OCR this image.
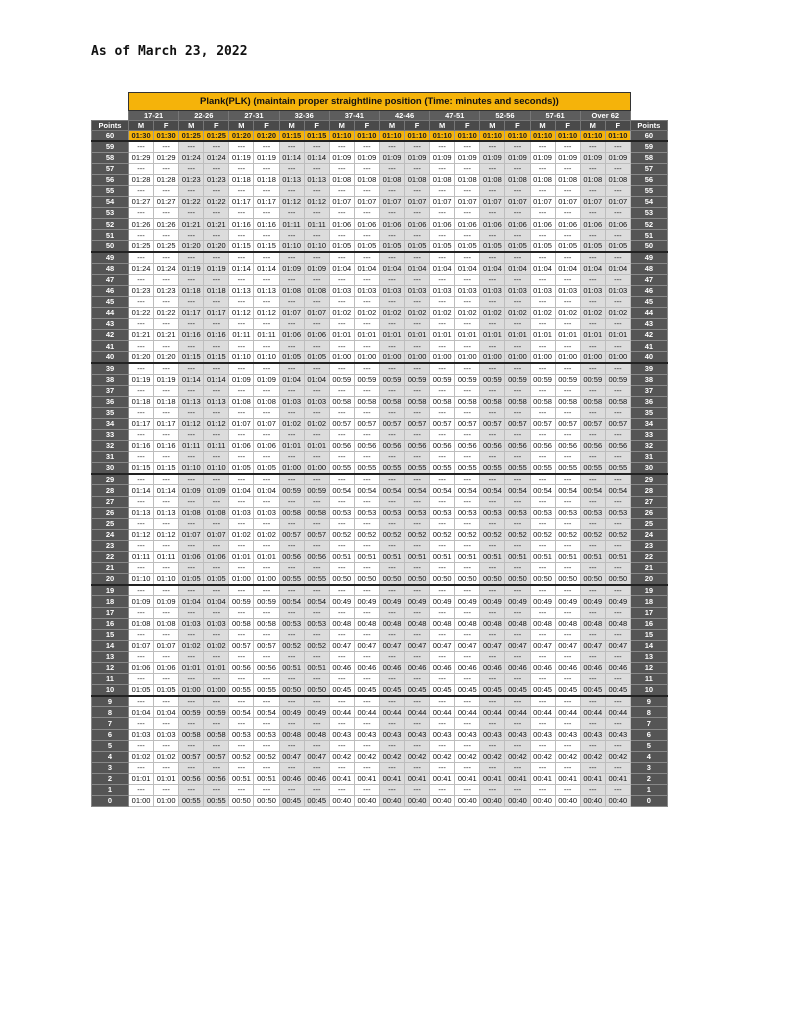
As of March 23, 2022
	Plank(PLK) (maintain proper straightline position (Time: minutes and seconds))																				
	17-21		22-26		27-31		32-36		37-41		42-46		47-51		52-56		57-61		Over 62		
Points	M	F	M	F	M	F	M	F	M	F	M	F	M	F	M	F	M	F	M	F	Points
60	01:30	01:30	01:25	01:25	01:20	01:20	01:15	01:15	01:10	01:10	01:10	01:10	01:10	01:10	01:10	01:10	01:10	01:10	01:10	01:10	60
59	---	---	---	---	---	---	---	---	---	---	---	---	---	---	---	---	---	---	---	---	59
58	01:29	01:29	01:24	01:24	01:19	01:19	01:14	01:14	01:09	01:09	01:09	01:09	01:09	01:09	01:09	01:09	01:09	01:09	01:09	01:09	58
57	---	---	---	---	---	---	---	---	---	---	---	---	---	---	---	---	---	---	---	---	57
56	01:28	01:28	01:23	01:23	01:18	01:18	01:13	01:13	01:08	01:08	01:08	01:08	01:08	01:08	01:08	01:08	01:08	01:08	01:08	01:08	56
55	---	---	---	---	---	---	---	---	---	---	---	---	---	---	---	---	---	---	---	---	55
54	01:27	01:27	01:22	01:22	01:17	01:17	01:12	01:12	01:07	01:07	01:07	01:07	01:07	01:07	01:07	01:07	01:07	01:07	01:07	01:07	54
53	---	---	---	---	---	---	---	---	---	---	---	---	---	---	---	---	---	---	---	---	53
52	01:26	01:26	01:21	01:21	01:16	01:16	01:11	01:11	01:06	01:06	01:06	01:06	01:06	01:06	01:06	01:06	01:06	01:06	01:06	01:06	52
51	---	---	---	---	---	---	---	---	---	---	---	---	---	---	---	---	---	---	---	---	51
50	01:25	01:25	01:20	01:20	01:15	01:15	01:10	01:10	01:05	01:05	01:05	01:05	01:05	01:05	01:05	01:05	01:05	01:05	01:05	01:05	50
49	---	---	---	---	---	---	---	---	---	---	---	---	---	---	---	---	---	---	---	---	49
48	01:24	01:24	01:19	01:19	01:14	01:14	01:09	01:09	01:04	01:04	01:04	01:04	01:04	01:04	01:04	01:04	01:04	01:04	01:04	01:04	48
47	---	---	---	---	---	---	---	---	---	---	---	---	---	---	---	---	---	---	---	---	47
46	01:23	01:23	01:18	01:18	01:13	01:13	01:08	01:08	01:03	01:03	01:03	01:03	01:03	01:03	01:03	01:03	01:03	01:03	01:03	01:03	46
45	---	---	---	---	---	---	---	---	---	---	---	---	---	---	---	---	---	---	---	---	45
44	01:22	01:22	01:17	01:17	01:12	01:12	01:07	01:07	01:02	01:02	01:02	01:02	01:02	01:02	01:02	01:02	01:02	01:02	01:02	01:02	44
43	---	---	---	---	---	---	---	---	---	---	---	---	---	---	---	---	---	---	---	---	43
42	01:21	01:21	01:16	01:16	01:11	01:11	01:06	01:06	01:01	01:01	01:01	01:01	01:01	01:01	01:01	01:01	01:01	01:01	01:01	01:01	42
41	---	---	---	---	---	---	---	---	---	---	---	---	---	---	---	---	---	---	---	---	41
40	01:20	01:20	01:15	01:15	01:10	01:10	01:05	01:05	01:00	01:00	01:00	01:00	01:00	01:00	01:00	01:00	01:00	01:00	01:00	01:00	40
39	---	---	---	---	---	---	---	---	---	---	---	---	---	---	---	---	---	---	---	---	39
38	01:19	01:19	01:14	01:14	01:09	01:09	01:04	01:04	00:59	00:59	00:59	00:59	00:59	00:59	00:59	00:59	00:59	00:59	00:59	00:59	38
37	---	---	---	---	---	---	---	---	---	---	---	---	---	---	---	---	---	---	---	---	37
36	01:18	01:18	01:13	01:13	01:08	01:08	01:03	01:03	00:58	00:58	00:58	00:58	00:58	00:58	00:58	00:58	00:58	00:58	00:58	00:58	36
35	---	---	---	---	---	---	---	---	---	---	---	---	---	---	---	---	---	---	---	---	35
34	01:17	01:17	01:12	01:12	01:07	01:07	01:02	01:02	00:57	00:57	00:57	00:57	00:57	00:57	00:57	00:57	00:57	00:57	00:57	00:57	34
33	---	---	---	---	---	---	---	---	---	---	---	---	---	---	---	---	---	---	---	---	33
32	01:16	01:16	01:11	01:11	01:06	01:06	01:01	01:01	00:56	00:56	00:56	00:56	00:56	00:56	00:56	00:56	00:56	00:56	00:56	00:56	32
31	---	---	---	---	---	---	---	---	---	---	---	---	---	---	---	---	---	---	---	---	31
30	01:15	01:15	01:10	01:10	01:05	01:05	01:00	01:00	00:55	00:55	00:55	00:55	00:55	00:55	00:55	00:55	00:55	00:55	00:55	00:55	30
29	---	---	---	---	---	---	---	---	---	---	---	---	---	---	---	---	---	---	---	---	29
28	01:14	01:14	01:09	01:09	01:04	01:04	00:59	00:59	00:54	00:54	00:54	00:54	00:54	00:54	00:54	00:54	00:54	00:54	00:54	00:54	28
27	---	---	---	---	---	---	---	---	---	---	---	---	---	---	---	---	---	---	---	---	27
26	01:13	01:13	01:08	01:08	01:03	01:03	00:58	00:58	00:53	00:53	00:53	00:53	00:53	00:53	00:53	00:53	00:53	00:53	00:53	00:53	26
25	---	---	---	---	---	---	---	---	---	---	---	---	---	---	---	---	---	---	---	---	25
24	01:12	01:12	01:07	01:07	01:02	01:02	00:57	00:57	00:52	00:52	00:52	00:52	00:52	00:52	00:52	00:52	00:52	00:52	00:52	00:52	24
23	---	---	---	---	---	---	---	---	---	---	---	---	---	---	---	---	---	---	---	---	23
22	01:11	01:11	01:06	01:06	01:01	01:01	00:56	00:56	00:51	00:51	00:51	00:51	00:51	00:51	00:51	00:51	00:51	00:51	00:51	00:51	22
21	---	---	---	---	---	---	---	---	---	---	---	---	---	---	---	---	---	---	---	---	21
20	01:10	01:10	01:05	01:05	01:00	01:00	00:55	00:55	00:50	00:50	00:50	00:50	00:50	00:50	00:50	00:50	00:50	00:50	00:50	00:50	20
19	---	---	---	---	---	---	---	---	---	---	---	---	---	---	---	---	---	---	---	---	19
18	01:09	01:09	01:04	01:04	00:59	00:59	00:54	00:54	00:49	00:49	00:49	00:49	00:49	00:49	00:49	00:49	00:49	00:49	00:49	00:49	18
17	---	---	---	---	---	---	---	---	---	---	---	---	---	---	---	---	---	---	---	---	17
16	01:08	01:08	01:03	01:03	00:58	00:58	00:53	00:53	00:48	00:48	00:48	00:48	00:48	00:48	00:48	00:48	00:48	00:48	00:48	00:48	16
15	---	---	---	---	---	---	---	---	---	---	---	---	---	---	---	---	---	---	---	---	15
14	01:07	01:07	01:02	01:02	00:57	00:57	00:52	00:52	00:47	00:47	00:47	00:47	00:47	00:47	00:47	00:47	00:47	00:47	00:47	00:47	14
13	---	---	---	---	---	---	---	---	---	---	---	---	---	---	---	---	---	---	---	---	13
12	01:06	01:06	01:01	01:01	00:56	00:56	00:51	00:51	00:46	00:46	00:46	00:46	00:46	00:46	00:46	00:46	00:46	00:46	00:46	00:46	12
11	---	---	---	---	---	---	---	---	---	---	---	---	---	---	---	---	---	---	---	---	11
10	01:05	01:05	01:00	01:00	00:55	00:55	00:50	00:50	00:45	00:45	00:45	00:45	00:45	00:45	00:45	00:45	00:45	00:45	00:45	00:45	10
9	---	---	---	---	---	---	---	---	---	---	---	---	---	---	---	---	---	---	---	---	9
8	01:04	01:04	00:59	00:59	00:54	00:54	00:49	00:49	00:44	00:44	00:44	00:44	00:44	00:44	00:44	00:44	00:44	00:44	00:44	00:44	8
7	---	---	---	---	---	---	---	---	---	---	---	---	---	---	---	---	---	---	---	---	7
6	01:03	01:03	00:58	00:58	00:53	00:53	00:48	00:48	00:43	00:43	00:43	00:43	00:43	00:43	00:43	00:43	00:43	00:43	00:43	00:43	6
5	---	---	---	---	---	---	---	---	---	---	---	---	---	---	---	---	---	---	---	---	5
4	01:02	01:02	00:57	00:57	00:52	00:52	00:47	00:47	00:42	00:42	00:42	00:42	00:42	00:42	00:42	00:42	00:42	00:42	00:42	00:42	4
3	---	---	---	---	---	---	---	---	---	---	---	---	---	---	---	---	---	---	---	---	3
2	01:01	01:01	00:56	00:56	00:51	00:51	00:46	00:46	00:41	00:41	00:41	00:41	00:41	00:41	00:41	00:41	00:41	00:41	00:41	00:41	2
1	---	---	---	---	---	---	---	---	---	---	---	---	---	---	---	---	---	---	---	---	1
0	01:00	01:00	00:55	00:55	00:50	00:50	00:45	00:45	00:40	00:40	00:40	00:40	00:40	00:40	00:40	00:40	00:40	00:40	00:40	00:40	0
